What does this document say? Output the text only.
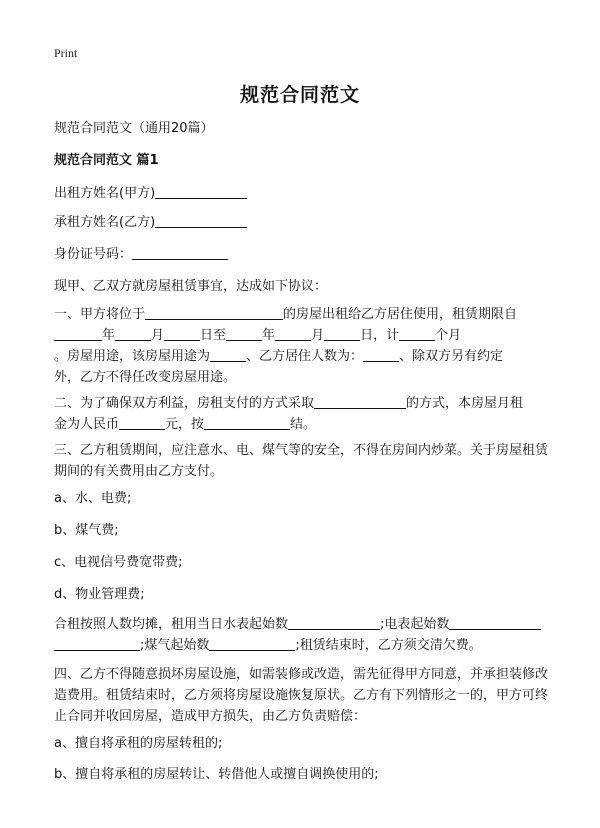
Print
规范合同范文
规范合同范文（通用20篇）
规范合同范文 篇1
出租方姓名(甲方)
承租方姓名(乙方)
身份证号码：
现甲、乙双方就房屋租赁事宜，达成如下协议：
一、甲方将位于	的房屋出租给乙方居住使用，租赁期限自
年	月	日至	年	月	日，计	个月
。房屋用途，该房屋用途为	、乙方居住人数为：	、除双方另有约定
外，乙方不得任改变房屋用途。
二、为了确保双方利益，房租支付的方式采取	的方式，本房屋月租
金为人民币	元，按	结。
三、乙方租赁期间，应注意水、电、煤气等的安全，不得在房间内炒菜。关于房屋租赁期间的有关费用由乙方支付。
a、水、电费;
b、煤气费;
c、电视信号费宽带费;
d、物业管理费;
合租按照人数均摊，租用当日水表起始数	;电表起始数
;煤气起始数	;租赁结束时，乙方须交清欠费。
四、乙方不得随意损坏房屋设施，如需装修或改造，需先征得甲方同意，并承担装修改造费用。租赁结束时，乙方须将房屋设施恢复原状。乙方有下列情形之一的，甲方可终止合同并收回房屋，造成甲方损失，由乙方负责赔偿：
a、擅自将承租的房屋转租的;
b、擅自将承租的房屋转让、转借他人或擅自调换使用的;
